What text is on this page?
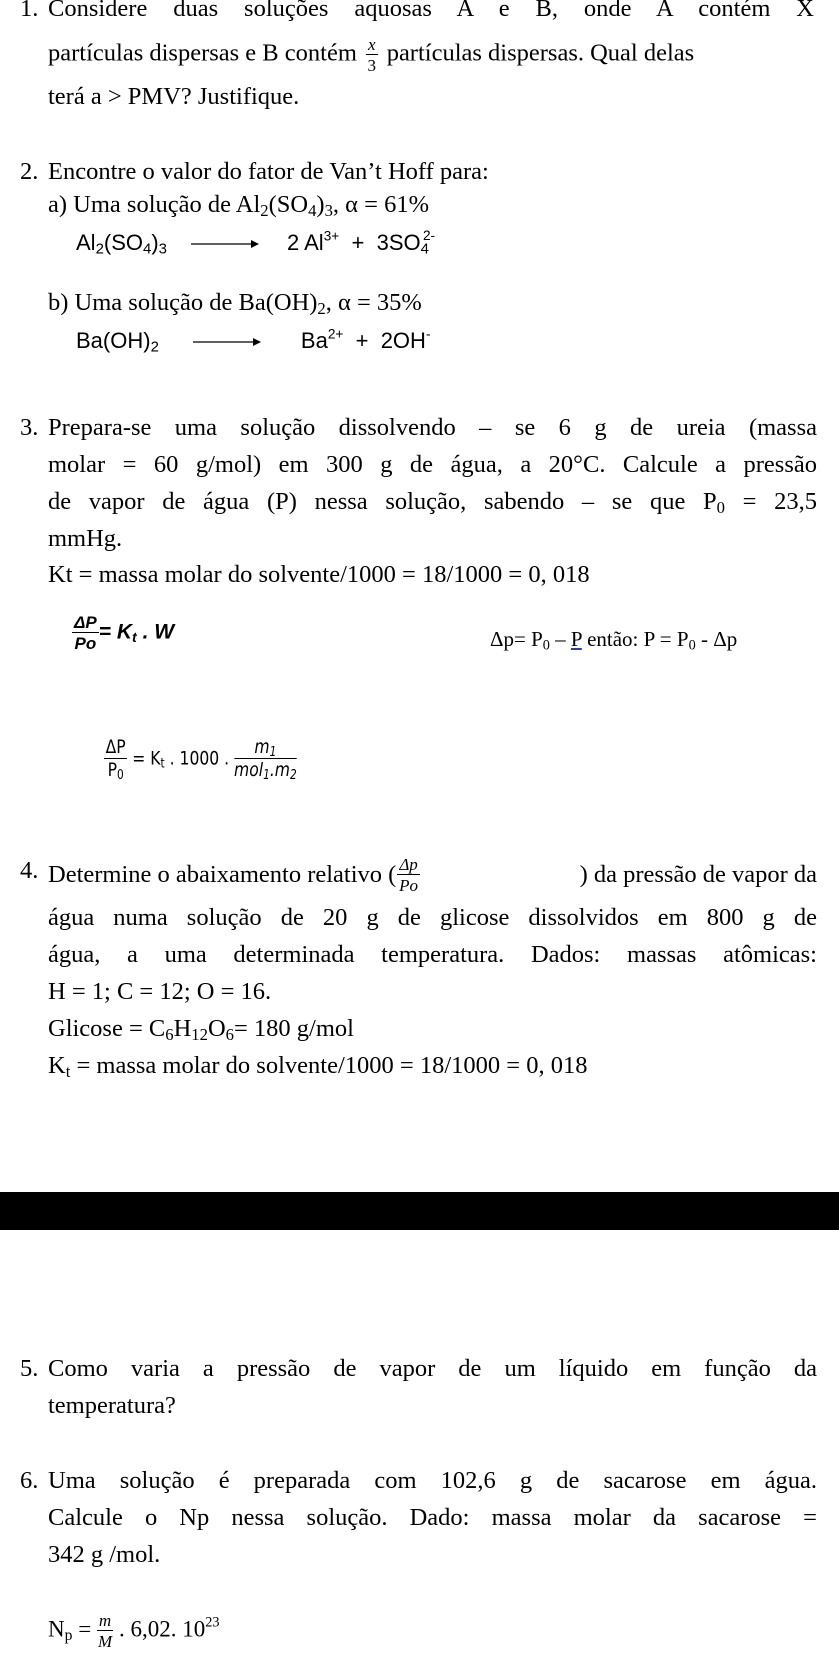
1. Considere duas soluções aquosas A e B, onde A contém X
partículas dispersas e B contém $\frac{x}{3}$ partículas dispersas. Qual delas
terá a > PMV? Justifique.
2. Encontre o valor do fator de Van’t Hoff para:
a) Uma solução de $Al_2(SO_4)_3$, α = 61%
$Al_2(SO_4)_3 \to 2$ $Al^{3+} + 3SO_4^{2-}$
b) Uma solução de $Ba(OH)_2$, α = 35%
$Ba(OH)_2$	$Ba^{2+} + 2OH^-$
3. Prepara-se uma solução dissolvendo – se 6 g de ureia (massa
molar = 60 g/mol) em 300 g de água, a 20°C. Calcule a pressão
de vapor de água (P) nessa solução, sabendo – se que $P_0 = 23,5$
mmHg.
Kt = massa molar do solvente/1000 = 18/1000 = 0, 018
$\frac{\Delta P}{Po} = K_t$ . W	$\Delta p= P_0 - P$ então: $P = P_0 - \Delta p$
$\frac{\Delta P}{P_0} = K_t$ . 1000 . $\frac{m_1}{mol_1.m_2}$
4. Determine o abaixamento relativo ( $\frac{\Delta p}{Po}$	) da pressão de vapor da
água numa solução de 20 g de glicose dissolvidos em 800 g de
água, a uma determinada temperatura. Dados: massas atômicas:
H = 1; C = 12; O = 16.
$Glicose = C_6H_{12}O_6= 180$ g/mol
$K_t$ = massa molar do solvente/1000 = 18/1000 = 0, 018
5. Como varia a pressão de vapor de um líquido em função da
temperatura?
6. Uma solução é preparada com 102,6 g de sacarose em água.
Calcule o Np nessa solução. Dado: massa molar da sacarose =
342 g /mol.
$N_p = \frac{m}{M}$ . 6,02. $10^{23}$
